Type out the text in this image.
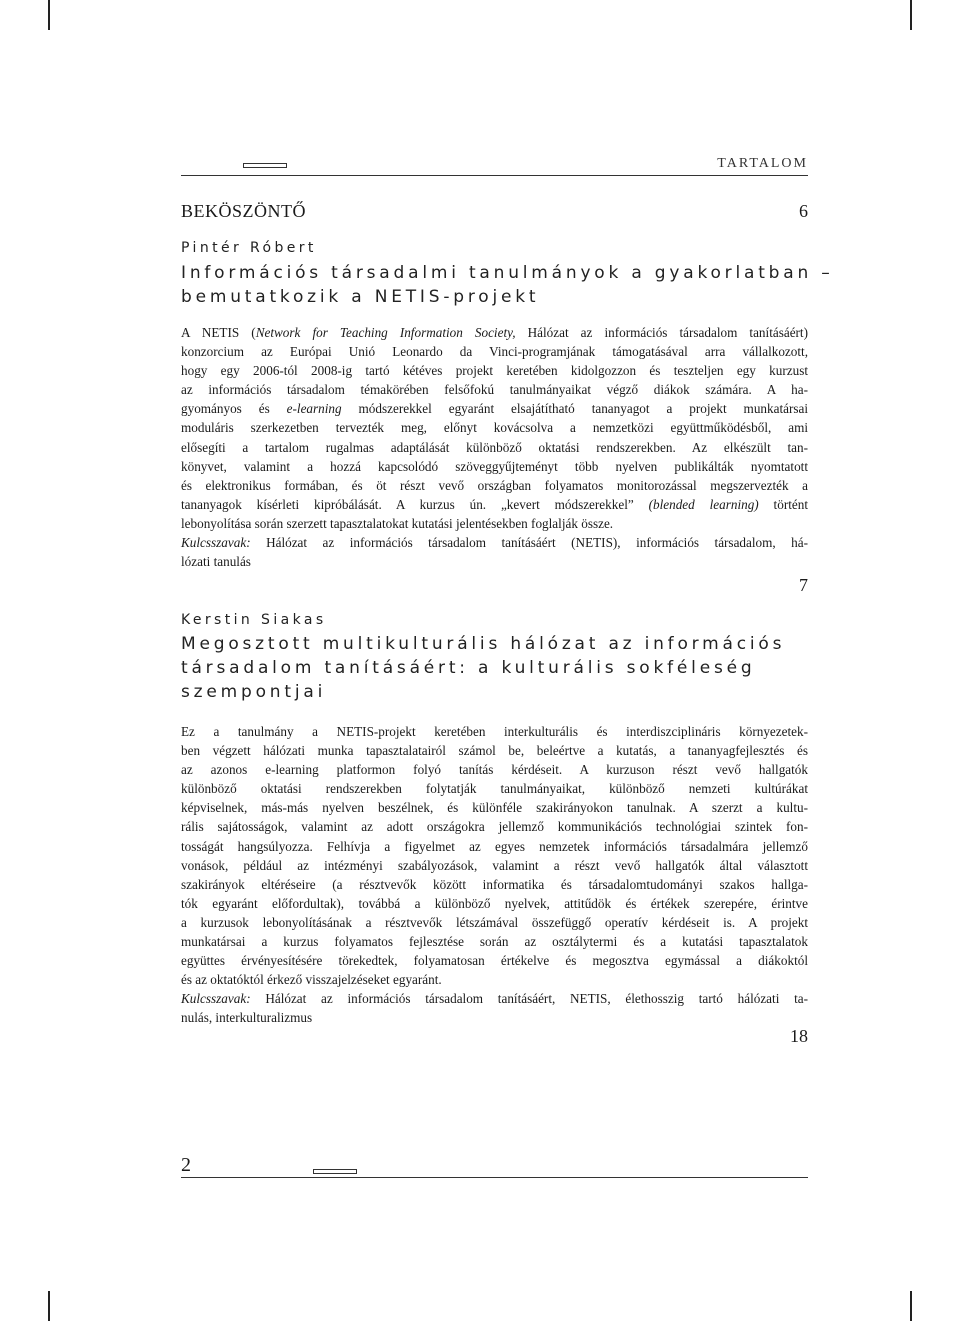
TARTALOM
BEKÖSZÖNTŐ	6
Pintér Róbert
Információs társadalmi tanulmányok a gyakorlatban –
bemutatkozik a NETIS-projekt
A NETIS (Network for Teaching Information Society, Hálózat az információs társadalom tanításáért)
konzorcium az Európai Unió Leonardo da Vinci-programjának támogatásával arra vállalkozott,
hogy egy 2006-tól 2008-ig tartó kétéves projekt keretében kidolgozzon és teszteljen egy kurzust
az információs társadalom témakörében felsőfokú tanulmányaikat végző diákok számára. A ha-
gyományos és e-learning módszerekkel egyaránt elsajátítható tananyagot a projekt munkatársai
moduláris szerkezetben tervezték meg, előnyt kovácsolva a nemzetközi együttműködésből, ami
elősegíti a tartalom rugalmas adaptálását különböző oktatási rendszerekben. Az elkészült tan-
könyvet, valamint a hozzá kapcsolódó szöveggyűjteményt több nyelven publikálták nyomtatott
és elektronikus formában, és öt részt vevő országban folyamatos monitorozással megszervezték a
tananyagok kísérleti kipróbálását. A kurzus ún. „kevert módszerekkel” (blended learning) történt
lebonyolítása során szerzett tapasztalatokat kutatási jelentésekben foglalják össze.
Kulcsszavak: Hálózat az információs társadalom tanításáért (NETIS), információs társadalom, há-
lózati tanulás
7
Kerstin Siakas
Megosztott multikulturális hálózat az információs
társadalom tanításáért: a kulturális sokféleség
szempontjai
Ez a tanulmány a NETIS-projekt keretében interkulturális és interdiszciplináris környezetek-
ben végzett hálózati munka tapasztalatairól számol be, beleértve a kutatás, a tananyagfejlesztés és
az azonos e-learning platformon folyó tanítás kérdéseit. A kurzuson részt vevő hallgatók
különböző oktatási rendszerekben folytatják tanulmányaikat, különböző nemzeti kultúrákat
képviselnek, más-más nyelven beszélnek, és különféle szakirányokon tanulnak. A szerzt a kultu-
rális sajátosságok, valamint az adott országokra jellemző kommunikációs technológiai szintek fon-
tosságát hangsúlyozza. Felhívja a figyelmet az egyes nemzetek információs társadalmára jellemző
vonások, például az intézményi szabályozások, valamint a részt vevő hallgatók által választott
szakirányok eltéréseire (a résztvevők között informatika és társadalomtudományi szakos hallga-
tók egyaránt előfordultak), továbbá a különböző nyelvek, attitűdök és értékek szerepére, érintve
a kurzusok lebonyolításának a résztvevők létszámával összefüggő operatív kérdéseit is. A projekt
munkatársai a kurzus folyamatos fejlesztése során az osztálytermi és a kutatási tapasztalatok
együttes érvényesítésére törekedtek, folyamatosan értékelve és megosztva egymással a diákoktól
és az oktatóktól érkező visszajelzéseket egyaránt.
Kulcsszavak: Hálózat az információs társadalom tanításáért, NETIS, élethosszig tartó hálózati ta-
nulás, interkulturalizmus
18
2
